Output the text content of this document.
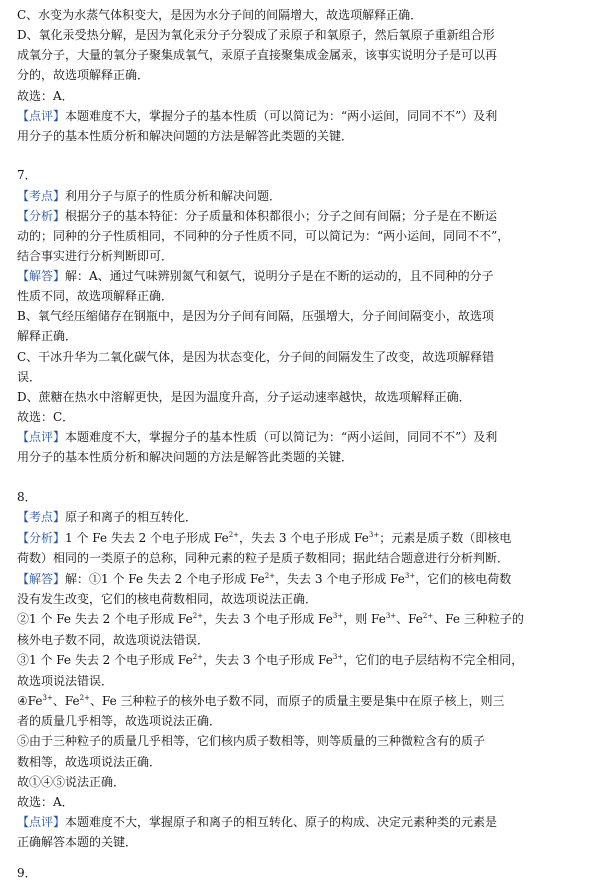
C、水变为水蒸气体积变大，是因为水分子间的间隔增大，故选项解释正确．
D、氧化汞受热分解，是因为氧化汞分子分裂成了汞原子和氧原子，然后氧原子重新组合形
成氧分子，大量的氧分子聚集成氧气，汞原子直接聚集成金属汞，该事实说明分子是可以再
分的，故选项解释正确．
故选：A．
【点评】本题难度不大，掌握分子的基本性质（可以简记为：“两小运间，同同不不”）及利
用分子的基本性质分析和解决问题的方法是解答此类题的关键．
7．
【考点】利用分子与原子的性质分析和解决问题．
【分析】根据分子的基本特征：分子质量和体积都很小；分子之间有间隔；分子是在不断运
动的；同种的分子性质相同，不同种的分子性质不同，可以简记为：“两小运间，同同不不”，
结合事实进行分析判断即可．
【解答】解：A、通过气味辨别氮气和氨气，说明分子是在不断的运动的，且不同种的分子
性质不同，故选项解释正确．
B、氧气经压缩储存在钢瓶中，是因为分子间有间隔，压强增大，分子间间隔变小，故选项
解释正确．
C、干冰升华为二氧化碳气体，是因为状态变化，分子间的间隔发生了改变，故选项解释错
误．
D、蔗糖在热水中溶解更快，是因为温度升高，分子运动速率越快，故选项解释正确．
故选：C．
【点评】本题难度不大，掌握分子的基本性质（可以简记为：“两小运间，同同不不”）及利
用分子的基本性质分析和解决问题的方法是解答此类题的关键．
8．
【考点】原子和离子的相互转化．
【分析】1 个 Fe 失去 2 个电子形成 $Fe^{2+}$，失去 3 个电子形成 $Fe^{3+}$；元素是质子数（即核电
荷数）相同的一类原子的总称，同种元素的粒子是质子数相同；据此结合题意进行分析判断．
【解答】解：①1 个 Fe 失去 2 个电子形成 $Fe^{2+}$，失去 3 个电子形成 $Fe^{3+}$，它们的核电荷数
没有发生改变，它们的核电荷数相同，故选项说法正确．
②1 个 Fe 失去 2 个电子形成 $Fe^{2+}$，失去 3 个电子形成 $Fe^{3+}$，则 $Fe^{3+}$、$Fe^{2+}$、Fe 三种粒子的
核外电子数不同，故选项说法错误．
③1 个 Fe 失去 2 个电子形成 $Fe^{2+}$，失去 3 个电子形成 $Fe^{3+}$，它们的电子层结构不完全相同，
故选项说法错误．
$④Fe^{3+}$、$Fe^{2+}$、Fe 三种粒子的核外电子数不同，而原子的质量主要是集中在原子核上，则三
者的质量几乎相等，故选项说法正确．
⑤由于三种粒子的质量几乎相等，它们核内质子数相等，则等质量的三种微粒含有的质子
数相等，故选项说法正确．
故①④⑤说法正确．
故选：A．
【点评】本题难度不大，掌握原子和离子的相互转化、原子的构成、决定元素种类的元素是
正确解答本题的关键．
9．
